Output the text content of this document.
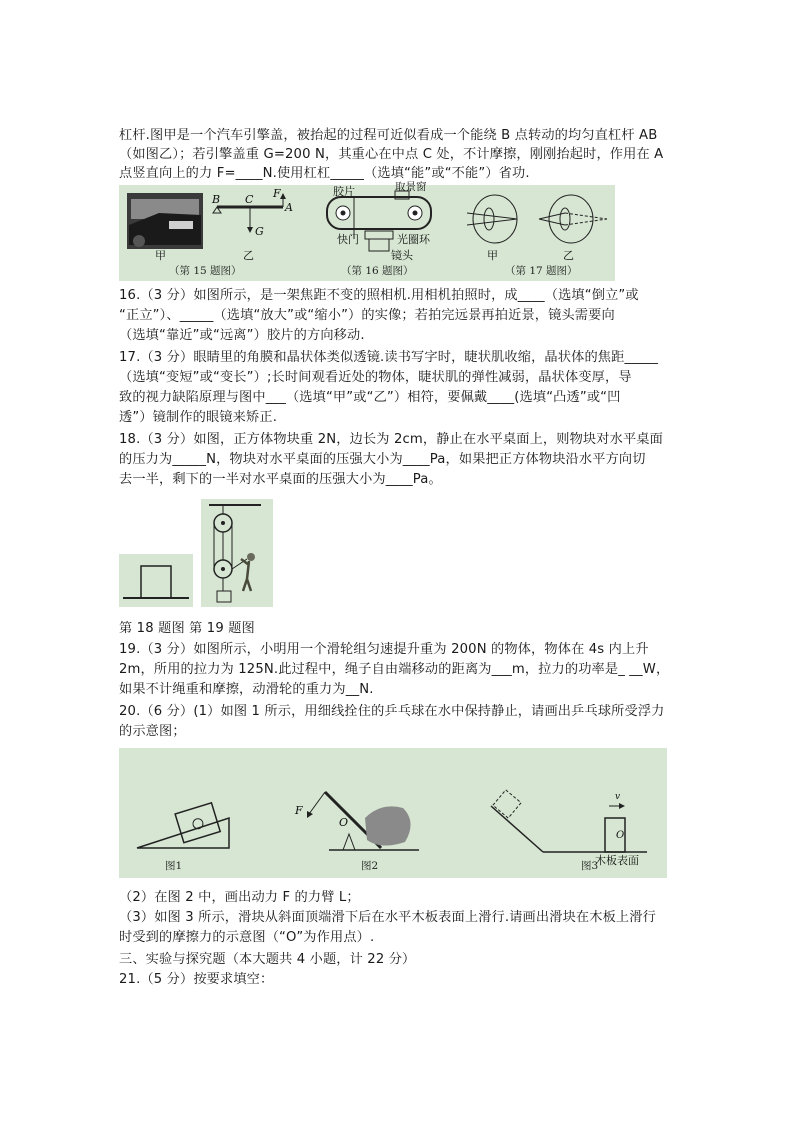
杠杆.图甲是一个汽车引擎盖，被抬起的过程可近似看成一个能绕 B 点转动的均匀直杠杆 AB
（如图乙）；若引擎盖重 G=200 N，其重心在中点 C 处，不计摩擦，刚刚抬起时，作用在 A
点竖直向上的力 F=____N.使用杠杠_____（选填“能”或“不能”）省功.
B C F
A
G
甲	乙
（第 15 题图）
胶片	取景窗
快门	光圈环
镜头
（第 16 题图）
甲	乙
（第 17 题图）
16.（3 分）如图所示，是一架焦距不变的照相机.用相机拍照时，成____（选填“倒立”或
“正立”）、_____（选填“放大”或“缩小”）的实像；若拍完远景再拍近景，镜头需要向
（选填“靠近”或“远离”）胶片的方向移动.
17.（3 分）眼睛里的角膜和晶状体类似透镜.读书写字时，睫状肌收缩，晶状体的焦距_____
（选填“变短”或“变长”）;长时间观看近处的物体，睫状肌的弹性减弱，晶状体变厚，导
致的视力缺陷原理与图中___（选填“甲”或“乙”）相符，要佩戴____(选填“凸透”或“凹
透”）镜制作的眼镜来矫正.
18.（3 分）如图，正方体物块重 2N，边长为 2cm，静止在水平桌面上，则物块对水平桌面
的压力为_____N，物块对水平桌面的压强大小为____Pa，如果把正方体物块沿水平方向切
去一半，剩下的一半对水平桌面的压强大小为____Pa。
第 18 题图 第 19 题图
19.（3 分）如图所示，小明用一个滑轮组匀速提升重为 200N 的物体，物体在 4s 内上升
2m，所用的拉力为 125N.此过程中，绳子自由端移动的距离为___m，拉力的功率是_ __W，
如果不计绳重和摩擦，动滑轮的重力为__N.
20.（6 分）(1）如图 1 所示，用细线拴住的乒乓球在水中保持静止，请画出乒乓球所受浮力
的示意图；
F
O
v
O
木板表面
图1	图2	图3
（2）在图 2 中，画出动力 F 的力臂 L；
（3）如图 3 所示，滑块从斜面顶端滑下后在水平木板表面上滑行.请画出滑块在木板上滑行
时受到的摩擦力的示意图（“O”为作用点）.
三、实验与探究题（本大题共 4 小题，计 22 分）
21.（5 分）按要求填空：
